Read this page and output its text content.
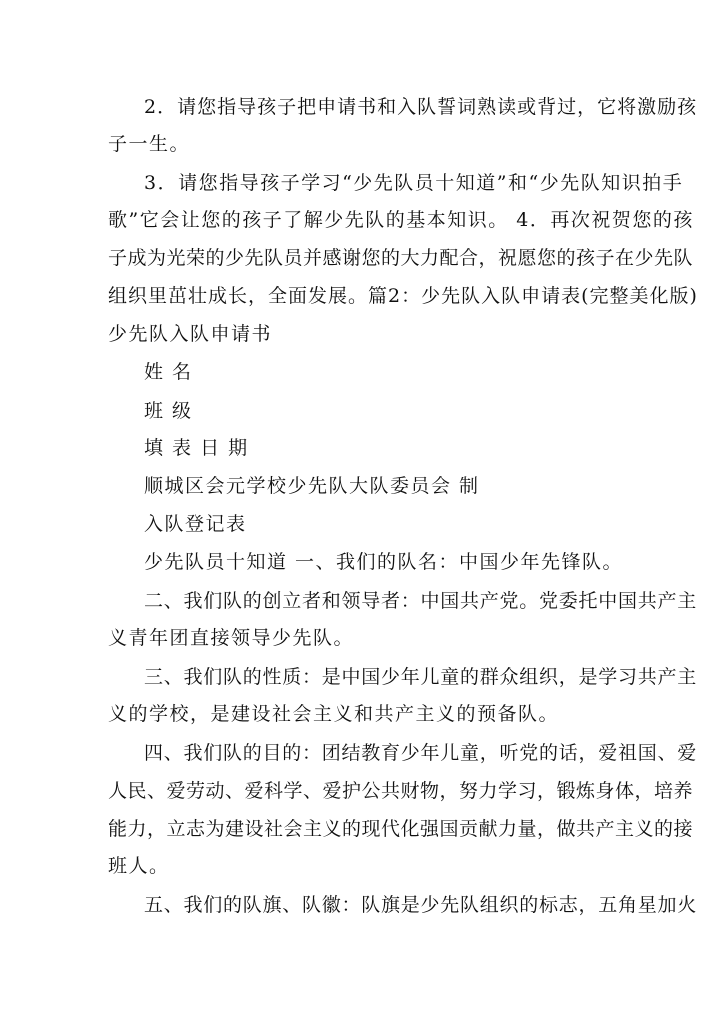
2．请您指导孩子把申请书和入队誓词熟读或背过，它将激励孩
子一生。
3．请您指导孩子学习“少先队员十知道”和“少先队知识拍手
歌”它会让您的孩子了解少先队的基本知识。 4．再次祝贺您的孩
子成为光荣的少先队员并感谢您的大力配合，祝愿您的孩子在少先队
组织里茁壮成长，全面发展。篇2：少先队入队申请表(完整美化版)
少先队入队申请书
姓 名
班 级
填 表 日 期
顺城区会元学校少先队大队委员会 制
入队登记表
少先队员十知道 一、我们的队名：中国少年先锋队。
二、我们队的创立者和领导者：中国共产党。党委托中国共产主
义青年团直接领导少先队。
三、我们队的性质：是中国少年儿童的群众组织，是学习共产主
义的学校，是建设社会主义和共产主义的预备队。
四、我们队的目的：团结教育少年儿童，听党的话，爱祖国、爱
人民、爱劳动、爱科学、爱护公共财物，努力学习，锻炼身体，培养
能力，立志为建设社会主义的现代化强国贡献力量，做共产主义的接
班人。
五、我们的队旗、队徽：队旗是少先队组织的标志，五角星加火
